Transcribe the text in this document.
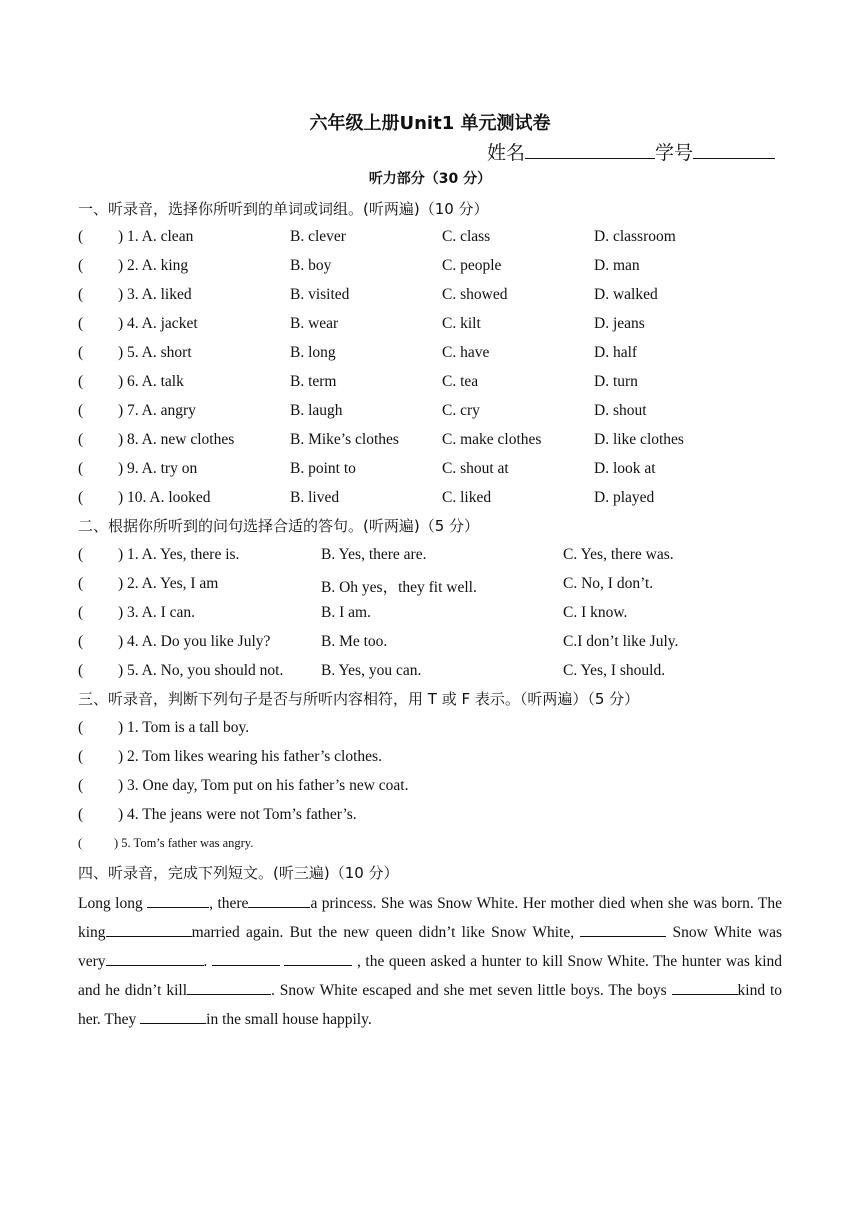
六年级上册Unit1 单元测试卷
姓名	学号
听力部分（30 分）
一、听录音，选择你所听到的单词或词组。(听两遍)（10 分）
( ) 1. A. clean	B. clever	C. class	D. classroom
( ) 2. A. king	B. boy	C. people	D. man
( ) 3. A. liked	B. visited	C. showed	D. walked
( ) 4. A. jacket	B. wear	C. kilt	D. jeans
( ) 5. A. short	B. long	C. have	D. half
( ) 6. A. talk	B. term	C. tea	D. turn
( ) 7. A. angry	B. laugh	C. cry	D. shout
( ) 8. A. new clothes	B. Mike’s clothes	C. make clothes	D. like clothes
( ) 9. A. try on	B. point to	C. shout at	D. look at
( ) 10. A. looked	B. lived	C. liked	D. played
二、根据你所听到的问句选择合适的答句。(听两遍)（5 分）
( ) 1. A. Yes, there is.	B. Yes, there are.	C. Yes, there was.
( ) 2. A. Yes, I am	B. Oh yes，they fit well.	C. No, I don’t.
( ) 3. A. I can.	B. I am.	C. I know.
( ) 4. A. Do you like July?	B. Me too.	C.I don’t like July.
( ) 5. A. No, you should not. B. Yes, you can.	C. Yes, I should.
三、听录音，判断下列句子是否与所听内容相符，用 T 或 F 表示。（听两遍）（5 分）
( ) 1. Tom is a tall boy.
( ) 2. Tom likes wearing his father’s clothes.
( ) 3. One day, Tom put on his father’s new coat.
( ) 4. The jeans were not Tom’s father’s.
(	) 5. Tom’s father was angry.
四、听录音，完成下列短文。(听三遍)（10 分）
Long long	, there	a princess. She was Snow White. Her mother died when she was born. The king	married again. But the new queen didn’t like Snow White,	Snow White was very	.	, the queen asked a hunter to kill Snow White. The hunter was kind and he didn’t kill	. Snow White escaped and she met seven little boys. The boys	kind to her. They	in the small house happily.
